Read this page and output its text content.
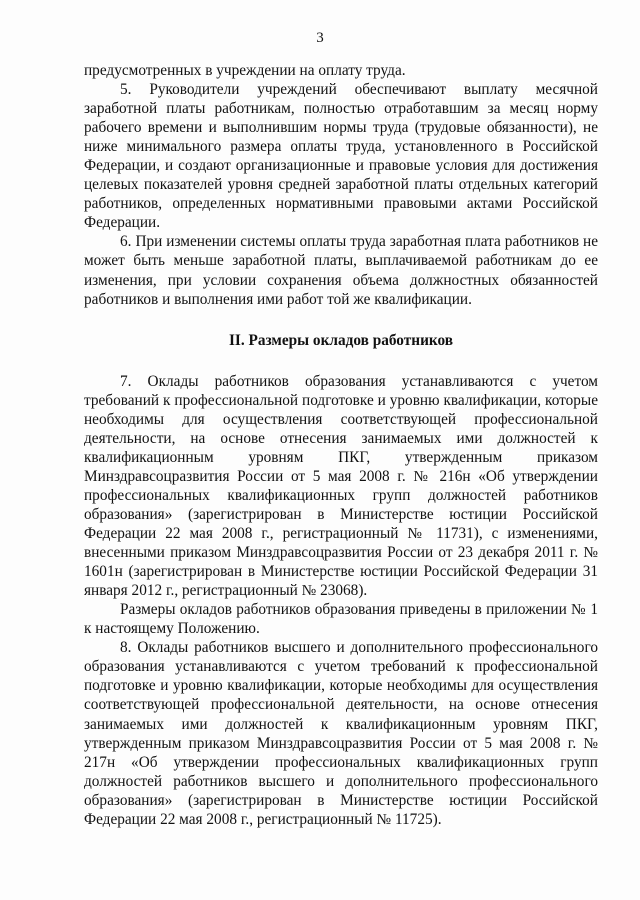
3

предусмотренных в учреждении на оплату труда.

5. Руководители учреждений обеспечивают выплату месячной заработной платы работникам, полностью отработавшим за месяц норму рабочего времени и выполнившим нормы труда (трудовые обязанности), не ниже минимального размера оплаты труда, установленного в Российской Федерации, и создают организационные и правовые условия для достижения целевых показателей уровня средней заработной платы отдельных категорий работников, определенных нормативными правовыми актами Российской Федерации.

6. При изменении системы оплаты труда заработная плата работников не может быть меньше заработной платы, выплачиваемой работникам до ее изменения, при условии сохранения объема должностных обязанностей работников и выполнения ими работ той же квалификации.

II. Размеры окладов работников

7. Оклады работников образования устанавливаются с учетом требований к профессиональной подготовке и уровню квалификации, которые необходимы для осуществления соответствующей профессиональной деятельности, на основе отнесения занимаемых ими должностей к квалификационным уровням ПКГ, утвержденным приказом Минздравсоцразвития России от 5 мая 2008 г. № 216н «Об утверждении профессиональных квалификационных групп должностей работников образования» (зарегистрирован в Министерстве юстиции Российской Федерации 22 мая 2008 г., регистрационный № 11731), с изменениями, внесенными приказом Минздравсоцразвития России от 23 декабря 2011 г. № 1601н (зарегистрирован в Министерстве юстиции Российской Федерации 31 января 2012 г., регистрационный № 23068).

Размеры окладов работников образования приведены в приложении № 1 к настоящему Положению.

8. Оклады работников высшего и дополнительного профессионального образования устанавливаются с учетом требований к профессиональной подготовке и уровню квалификации, которые необходимы для осуществления соответствующей профессиональной деятельности, на основе отнесения занимаемых ими должностей к квалификационным уровням ПКГ, утвержденным приказом Минздравсоцразвития России от 5 мая 2008 г. № 217н «Об утверждении профессиональных квалификационных групп должностей работников высшего и дополнительного профессионального образования» (зарегистрирован в Министерстве юстиции Российской Федерации 22 мая 2008 г., регистрационный № 11725).
